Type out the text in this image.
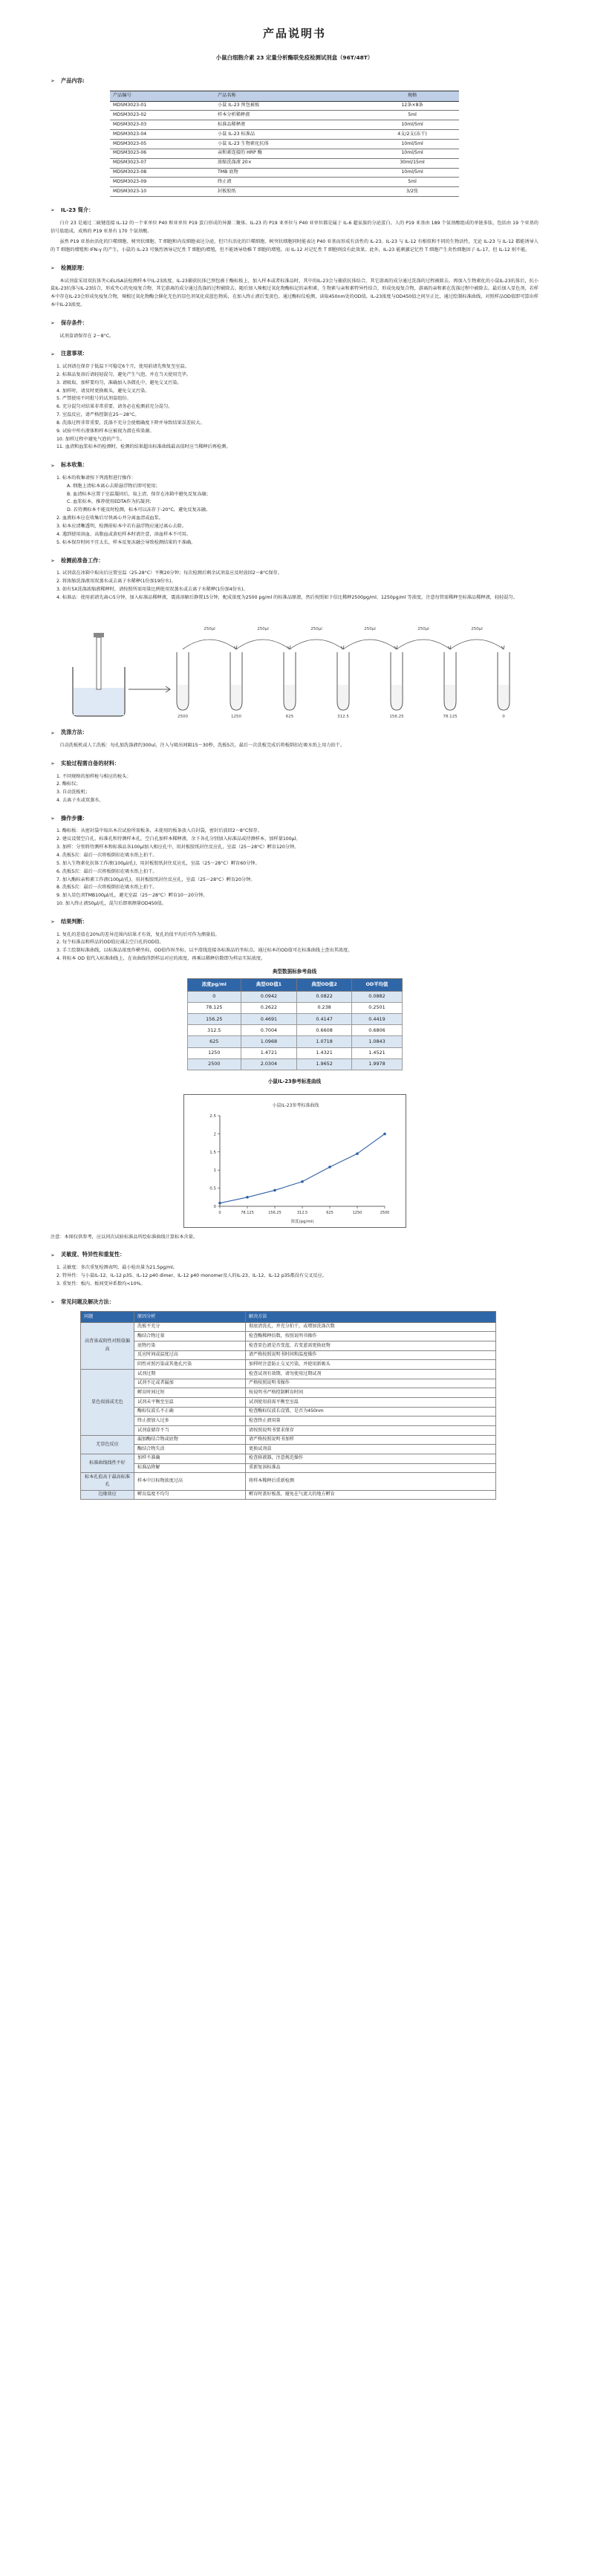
产品说明书
小鼠白细胞介素 23 定量分析酶联免疫检测试剂盒（96T/48T）
➢	产品内容:
产品编号	产品名称	规格
MDSM3023-01	小鼠 IL-23 预包被板	12条×8条
MDSM3023-02	样本分析稀释液	5ml
MDSM3023-03	标准品稀释液	10ml/5ml
MDSM3023-04	小鼠 IL-23 标准品	4支/2支(冻干)
MDSM3023-05	小鼠 IL-23 生物素化抗体	10ml/5ml
MDSM3023-06	亲和素连接的 HRP 酶	10ml/5ml
MDSM3023-07	浓缩洗涤液 20×	30ml/15ml
MDSM3023-08	TMB 底物	10ml/5ml
MDSM3023-09	终止液	5ml
MDSM3023-10	封板胶纸	3/2张
➢	IL-23 简介：

白介 23 是通过二硫键连接 IL-12 的一个亚单位 P40 和亚单位 P19 蛋白形成的异源二聚体。IL-23 的 P19 亚单位与 P40 亚单位都是属于 IL-6 超家族的分泌蛋白。人的 P19 亚基由 189 个氨基酸组成的单链多肽，包括由 19 个亚基的信号肽组成。成熟的 P19 亚基有 170 个氨基酸。

虽然 P19 亚基由活化的巨噬细胞、树突状细胞、T 细胞和内皮细胞表达分泌，但只有活化的巨噬细胞、树突状细胞同时能表达 P40 亚基而形成有活性的 IL-23。IL-23 与 IL-12 有相似和不同的生物活性，无论 IL-23 与 IL-12 都能诱导人的 T 细胞的增殖和 IFN-γ 的产生，小鼠的 IL-23 可强烈诱导记忆性 T 细胞的增殖，但不能诱导幼稚 T 细胞的增殖。而 IL-12 对记忆性 T 细胞则没有此效果。此外，IL-23 能刺激记忆性 T 细胞产生炎性细胞因子 IL-17，但 IL-12 则不能。

➢	检测原理：

本试剂盒采用双抗体夹心ELISA法检测样本中IL-23浓度。IL-23捕获抗体已预包被于酶标板上，加入样本或者标准品时，其中的IL-23会与捕获抗体结合，其它游离的成分通过洗涤的过程被除去。再加入生物素化的小鼠IL-23抗体后，抗小鼠IL-23抗体与IL-23结合，形成夹心的免疫复合物，其它游离的成分通过洗涤的过程被除去。随后加入辣根过氧化物酶标记的亲和素，生物素与亲和素特异性结合，形成免疫复合物，游离的亲和素在洗涤过程中被除去。最后加入显色剂，若样本中存在IL-23会形成免疫复合物，辣根过氧化物酶会催化无色的显色剂氧化成蓝色物质，在加入终止液后变黄色。通过酶标仪检测，读取450nm处的OD值，IL-23浓度与OD450值之间呈正比，通过绘制标准曲线，对照样品OD值即可算出样本中IL-23浓度。

➢	保存条件：

试剂盒请保存在 2～8°C。

➢	注意事项：
1. 试剂请在保存于低温下可稳定6个月，使用前请先恢复至室温。
2. 标准品复溶后请轻轻混匀，避免产生气泡，并在当天使用完毕。
3. 请吸取、加样要均匀，准确加入各微孔中，避免交叉污染。
4. 加样时，请及时更换吸头，避免交叉污染。
5. 严禁使用不同批号的试剂盒组份。
6. 充分混匀对结果非常重要，请务必在检测前充分混匀。
7. 室温反应，请严格控制在25～28°C。
8. 洗涤过程非常重要，洗涤不充分会使精确度下降并导致结果误差较大。
9. 试验中所有液体和样本应被视为潜在传染源。
10. 加样过程中避免气泡的产生。
11. 血清和血浆标本的检测时，检测的结果超出标准曲线最高值时应当稀释后再检测。
➢	标本收集：
1. 标本的收集请按下列流程进行操作：
A. 细胞上清标本离心去除悬浮物后即可使用；
B. 血清标本应置于室温凝固后，取上清，保存在冰箱中避免反复冻融；
C. 血浆标本，推荐使用EDTA作为抗凝剂；
D. 若待测标本不能及时检测，标本可以冻存于-20°C，避免反复冻融。
2. 血液标本应在收集后尽快离心并分离血清或血浆。
3. 标本应清晰透明，检测前标本中若有悬浮物应通过离心去除。
4. 遇到使用溶血、高脂血或黄疸样本时请注意，溶血样本不可用。
5. 标本保存时间不宜太长，样本反复冻融会导致检测结果的不准确。
➢	检测前准备工作：
1. 试剂盒在冰箱中取出后应置室温（25-28°C）平衡20分钟；每次检测后剩余试剂盒应及时放回2～8°C保存。
2. 将浓缩洗涤液用双蒸水或去离子水稀释(1份加19份水)。
3. 如有5X洗涤浓缩液稀释时，请按照所需用量比例使用双蒸水或去离子水稀释(1份加4份水)。
4. 标准品：使用前请先离心5分钟，加入标准品稀释液，震荡溶解后静置15分钟，配成浓度为2500 pg/ml 的标准品原液，然后按照如下倍比稀释2500pg/ml、1250pg/ml 等浓度，注意每管需稀释至标准品稀释液，轻轻混匀。
2500	1250	625	312.5	156.25	78.125	0
250μl	250μl	250μl	250μl	250μl	250μl
➢	洗涤方法：

自动洗板机或人工洗板：每孔加洗涤液约300ul，注入与吸出间隔15～30秒，洗板5次。最后一次洗板完成后将板倒扣在吸水纸上用力拍干。

➢	实验过程需自备的材料：
1. 不同规格的加样枪与相应的枪头；
2. 酶标仪；
3. 自动洗板机；
4. 去离子水或双蒸水。
➢	操作步骤：
1. 酶标板：从密封袋中取出本次试验所需板条，未使用的板条放入自封袋，密封后放回2～8°C保存。
2. 建议设置空白孔、标准孔和待测样本孔，空白孔加样本稀释液，余下各孔分别加入标准品或待测样本，加样量100μl。
3. 加样：分别将待测样本和标准品各100μl加入相应孔中，用封板胶纸封住反应孔，室温（25～28°C）孵育120分钟。
4. 洗板5次：最后一次将板倒扣在吸水纸上拍干。
5. 加入生物素化抗体工作液(100μl/孔)，用封板胶纸封住反应孔，室温（25～28°C）孵育60分钟。
6. 洗板5次：最后一次将板倒扣在吸水纸上拍干。
7. 加入酶标亲和素工作液(100μl/孔)，用封板胶纸封住反应孔，室温（25～28°C）孵育20分钟。
8. 洗板5次：最后一次将板倒扣在吸水纸上拍干。
9. 加入显色剂TMB100μl/孔，避光室温（25～28°C）孵育10～20分钟。
10. 加入终止液50μl/孔，混匀后即刻测量OD450值。
➢	结果判断：
1. 复孔的差值在20%的差异范围内结果才有效，复孔的值平均后可作为测量值。
2. 每个标准品和样品的OD值应减去空白孔的OD值。
3. 手工绘制标准曲线，以标准品浓度作横坐标，OD值作纵坐标，以平滑线连接各标准品的坐标点。通过标本的OD值可在标准曲线上查出其浓度。
4. 将标本 OD 值代入标准曲线上，在该曲线得到样品对应的浓度，再乘以稀释倍数即为样品实际浓度。
典型数据标参考曲线
浓度pg/ml	典型OD值1	典型OD值2	OD平均值
0	0.0942	0.0822	0.0882
78.125	0.2622	0.238	0.2501
156.25	0.4691	0.4147	0.4419
312.5	0.7004	0.6608	0.6806
625	1.0968	1.0718	1.0843
1250	1.4721	1.4321	1.4521
2500	2.0304	1.9652	1.9978
小鼠IL-23参考标准曲线
小鼠IL-23参考标准曲线
0
0.5
1
1.5
2
2.5
0	78.125	156.25	312.5	625	1250	2500
浓度(pg/ml)

注意：本图仅供参考，应以同次试验标准品所绘标准曲线计算标本含量。

➢	灵敏度、特异性和重复性：
1. 灵敏度：多次重复检测表明，最小检出量为21.5pg/ml。
2. 特异性：与小鼠IL-12、IL-12 p35、IL-12 p40 dimer、IL-12 p40 monomer及人的IL-23、IL-12、IL-12 p35都没有交叉反应。
3. 重复性：板内、板间变异系数均<10%。
➢	常见问题及解决方法：
问题	原因分析	解决方法
高背景或阴性对照值偏高	洗板不充分	彻底清洗孔，并充分拍干，或增加洗涤次数
	酶结合物过量	检查酶稀释倍数，按照说明书操作
	底物污染	检查显色液是否变蓝，若变蓝需更换底物
	反应时间或温度过高	请严格按照说明书时间和温度操作
	阴性对照污染或其他孔污染	加样时注意防止交叉污染，并使用新吸头
显色很弱或无色	试剂过期	检查试剂有效期，请勿使用过期试剂
	试剂不足或者漏加	严格按照说明书操作
	孵育时间过短	按说明书严格控制孵育时间
	试剂未平衡至室温	试剂使用前需平衡至室温
	酶标仪波长不正确	检查酶标仪波长设置，是否为450nm
	终止液加入过多	检查终止液用量
	试剂盒储存不当	请按照说明书要求保存
无显色反应	漏加酶结合物或底物	请严格按照说明书加样
	酶结合物失活	更换试剂盒
标准曲线线性不好	加样不准确	检查移液器，注意规范操作
	标准品降解	重新复溶标准品
标本孔值高于最高标准孔	样本中目标物浓度过高	将样本稀释后重新检测
边缘效应	孵育温度不均匀	孵育时盖好板盖，避免在气流大的地方孵育
